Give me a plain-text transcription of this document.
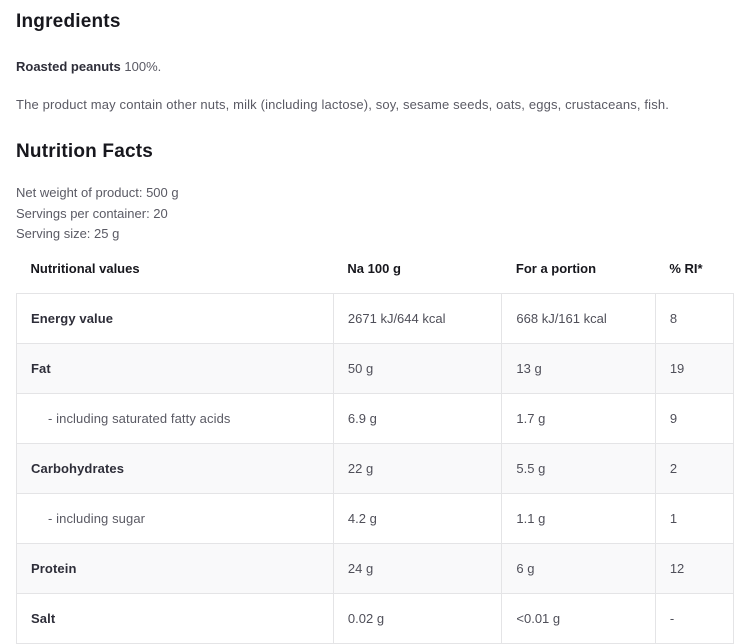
Ingredients

Roasted peanuts 100%.

The product may contain other nuts, milk (including lactose), soy, sesame seeds, oats, eggs, crustaceans, fish.

Nutrition Facts
Net weight of product: 500 g
Servings per container: 20
Serving size: 25 g
Nutritional values	Na 100 g	For a portion	% RI*
Energy value	2671 kJ/644 kcal	668 kJ/161 kcal	8
Fat	50 g	13 g	19
- including saturated fatty acids	6.9 g	1.7 g	9
Carbohydrates	22 g	5.5 g	2
- including sugar	4.2 g	1.1 g	1
Protein	24 g	6 g	12
Salt	0.02 g	<0.01 g	-
